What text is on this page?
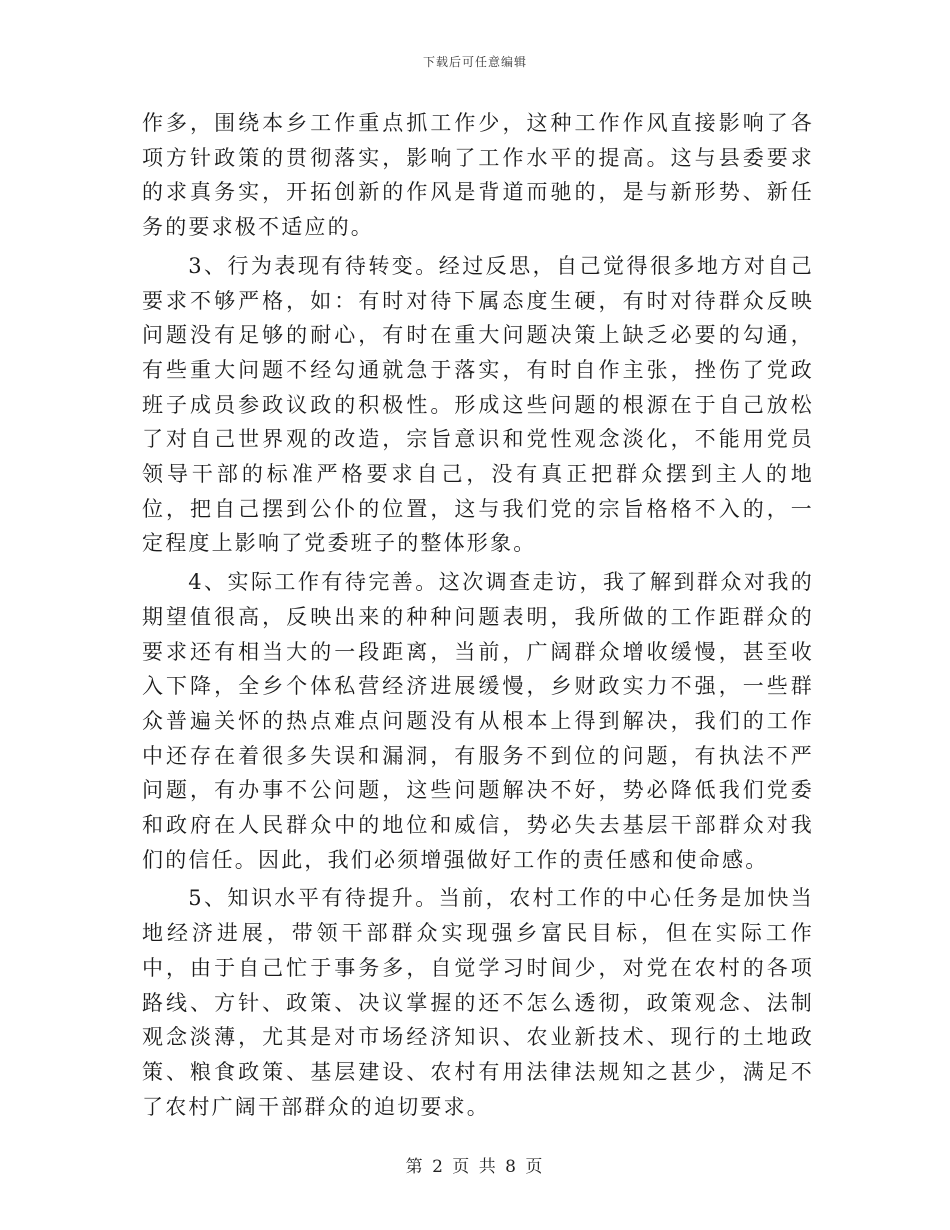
下载后可任意编辑

作多，围绕本乡工作重点抓工作少，这种工作作风直接影响了各项方针政策的贯彻落实，影响了工作水平的提高。这与县委要求的求真务实，开拓创新的作风是背道而驰的，是与新形势、新任务的要求极不适应的。

3、行为表现有待转变。经过反思，自己觉得很多地方对自己要求不够严格，如：有时对待下属态度生硬，有时对待群众反映问题没有足够的耐心，有时在重大问题决策上缺乏必要的勾通，有些重大问题不经勾通就急于落实，有时自作主张，挫伤了党政班子成员参政议政的积极性。形成这些问题的根源在于自己放松了对自己世界观的改造，宗旨意识和党性观念淡化，不能用党员领导干部的标准严格要求自己，没有真正把群众摆到主人的地位，把自己摆到公仆的位置，这与我们党的宗旨格格不入的，一定程度上影响了党委班子的整体形象。

4、实际工作有待完善。这次调查走访，我了解到群众对我的期望值很高，反映出来的种种问题表明，我所做的工作距群众的要求还有相当大的一段距离，当前，广阔群众增收缓慢，甚至收入下降，全乡个体私营经济进展缓慢，乡财政实力不强，一些群众普遍关怀的热点难点问题没有从根本上得到解决，我们的工作中还存在着很多失误和漏洞，有服务不到位的问题，有执法不严问题，有办事不公问题，这些问题解决不好，势必降低我们党委和政府在人民群众中的地位和威信，势必失去基层干部群众对我们的信任。因此，我们必须增强做好工作的责任感和使命感。

5、知识水平有待提升。当前，农村工作的中心任务是加快当地经济进展，带领干部群众实现强乡富民目标，但在实际工作中，由于自己忙于事务多，自觉学习时间少，对党在农村的各项路线、方针、政策、决议掌握的还不怎么透彻，政策观念、法制观念淡薄，尤其是对市场经济知识、农业新技术、现行的土地政策、粮食政策、基层建设、农村有用法律法规知之甚少，满足不了农村广阔干部群众的迫切要求。

第 2 页 共 8 页
